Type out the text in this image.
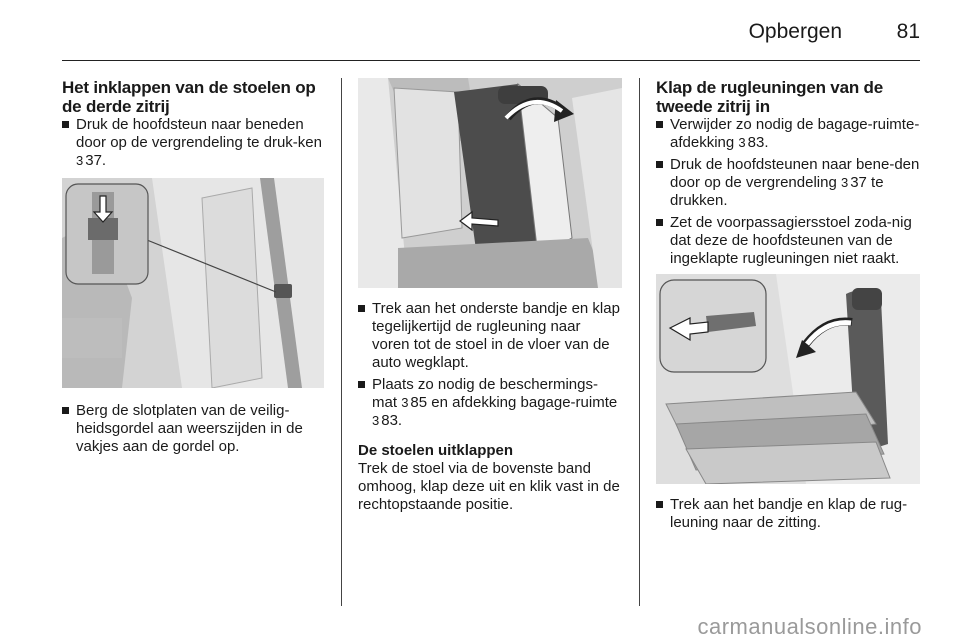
Opbergen	81
Het inklappen van de stoelen op de derde zitrij
Druk de hoofdsteun naar beneden door op de vergrendeling te druk-ken 3 37.
Berg de slotplaten van de veilig-heidsgordel aan weerszijden in de vakjes aan de gordel op.
Trek aan het onderste bandje en klap tegelijkertijd de rugleuning naar voren tot de stoel in de vloer van de auto wegklapt.
Plaats zo nodig de beschermings-mat 3 85 en afdekking bagage-ruimte 3 83.
De stoelen uitklappen

Trek de stoel via de bovenste band omhoog, klap deze uit en klik vast in de rechtopstaande positie.

Klap de rugleuningen van de tweede zitrij in
Verwijder zo nodig de bagage-ruimte-afdekking 3 83.
Druk de hoofdsteunen naar bene-den door op de vergrendeling 3 37 te drukken.
Zet de voorpassagiersstoel zoda-nig dat deze de hoofdsteunen van de ingeklapte rugleuningen niet raakt.
Trek aan het bandje en klap de rug-leuning naar de zitting.
carmanualsonline.info
